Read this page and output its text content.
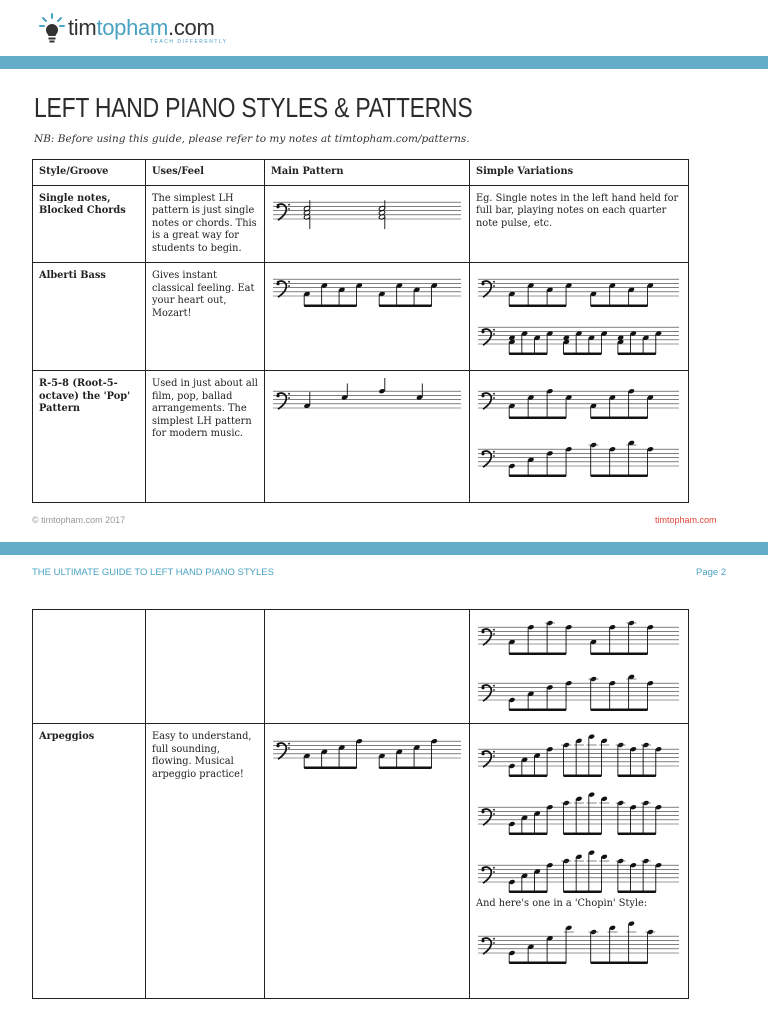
timtopham.com
TEACH DIFFERENTLY
LEFT HAND PIANO STYLES & PATTERNS
NB: Before using this guide, please refer to my notes at timtopham.com/patterns.
Style/Groove	Uses/Feel	Main Pattern	Simple Variations
Single notes, Blocked Chords	The simplest LH pattern is just single notes or chords. This is a great way for students to begin.		Eg. Single notes in the left hand held for full bar, playing notes on each quarter note pulse, etc.
Alberti Bass	Gives instant classical feeling. Eat your heart out, Mozart!	

R-5-8 (Root-5-octave) the 'Pop' Pattern	Used in just about all film, pop, ballad arrangements. The simplest LH pattern for modern music.	

© timtopham.com 2017	timtopham.com
THE ULTIMATE GUIDE TO LEFT HAND PIANO STYLES	Page 2

Arpeggios	Easy to understand, full sounding, flowing. Musical arpeggio practice!		And here's one in a 'Chopin' Style:
